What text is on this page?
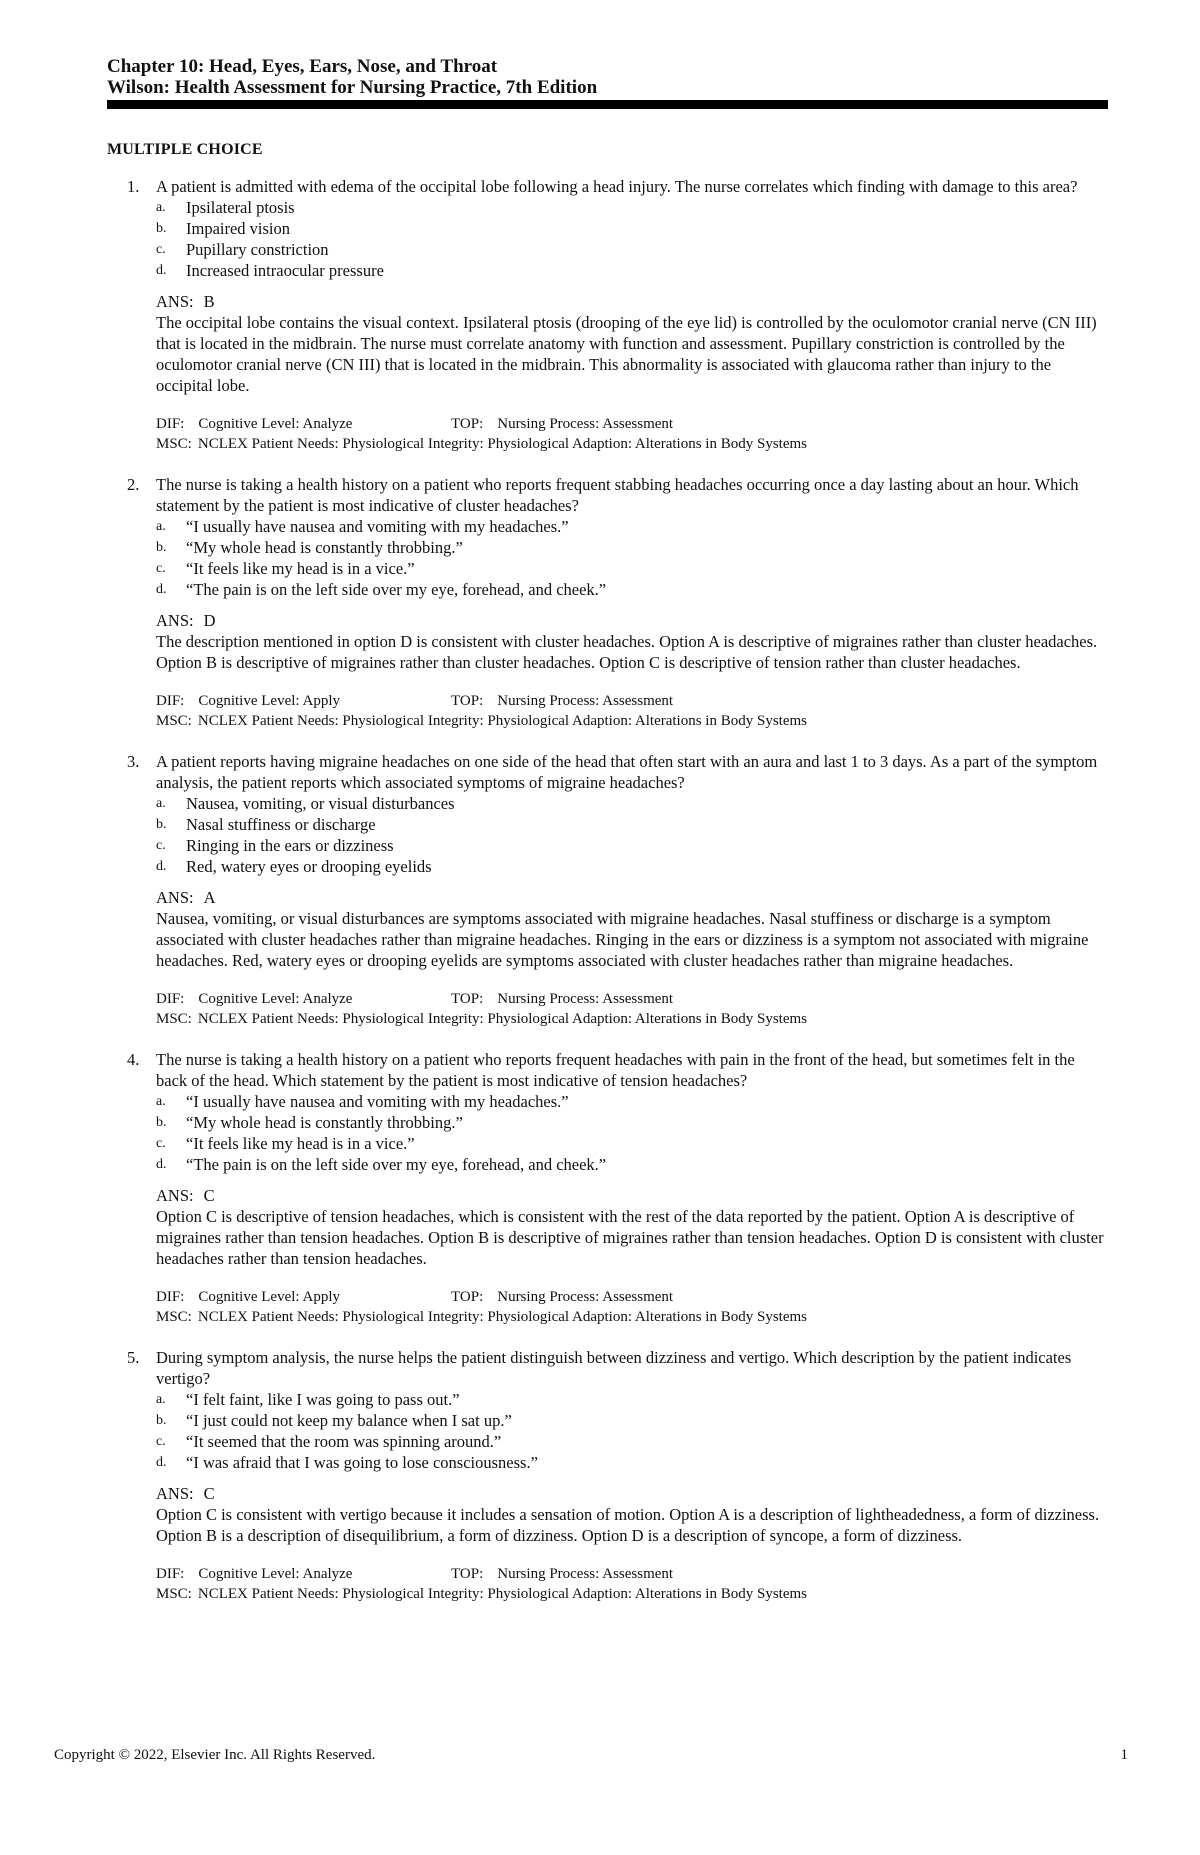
Chapter 10: Head, Eyes, Ears, Nose, and Throat

Wilson: Health Assessment for Nursing Practice, 7th Edition

MULTIPLE CHOICE
1. A patient is admitted with edema of the occipital lobe following a head injury. The nurse correlates which finding with damage to this area?

a. Ipsilateral ptosis
b. Impaired vision
c. Pupillary constriction
d. Increased intraocular pressure

ANS: B

The occipital lobe contains the visual context. Ipsilateral ptosis (drooping of the eye lid) is controlled by the oculomotor cranial nerve (CN III) that is located in the midbrain. The nurse must correlate anatomy with function and assessment. Pupillary constriction is controlled by the oculomotor cranial nerve (CN III) that is located in the midbrain. This abnormality is associated with glaucoma rather than injury to the occipital lobe.

DIF: Cognitive Level: Analyze	TOP: Nursing Process: Assessment
MSC: NCLEX Patient Needs: Physiological Integrity: Physiological Adaption: Alterations in Body Systems
2. The nurse is taking a health history on a patient who reports frequent stabbing headaches occurring once a day lasting about an hour. Which statement by the patient is most indicative of cluster headaches?

a. “I usually have nausea and vomiting with my headaches.”
b. “My whole head is constantly throbbing.”
c. “It feels like my head is in a vice.”
d. “The pain is on the left side over my eye, forehead, and cheek.”

ANS: D

The description mentioned in option D is consistent with cluster headaches. Option A is descriptive of migraines rather than cluster headaches. Option B is descriptive of migraines rather than cluster headaches. Option C is descriptive of tension rather than cluster headaches.

DIF: Cognitive Level: Apply	TOP: Nursing Process: Assessment
MSC: NCLEX Patient Needs: Physiological Integrity: Physiological Adaption: Alterations in Body Systems
3. A patient reports having migraine headaches on one side of the head that often start with an aura and last 1 to 3 days. As a part of the symptom analysis, the patient reports which associated symptoms of migraine headaches?

a. Nausea, vomiting, or visual disturbances
b. Nasal stuffiness or discharge
c. Ringing in the ears or dizziness
d. Red, watery eyes or drooping eyelids

ANS: A

Nausea, vomiting, or visual disturbances are symptoms associated with migraine headaches. Nasal stuffiness or discharge is a symptom associated with cluster headaches rather than migraine headaches. Ringing in the ears or dizziness is a symptom not associated with migraine headaches. Red, watery eyes or drooping eyelids are symptoms associated with cluster headaches rather than migraine headaches.

DIF: Cognitive Level: Analyze	TOP: Nursing Process: Assessment
MSC: NCLEX Patient Needs: Physiological Integrity: Physiological Adaption: Alterations in Body Systems
4. The nurse is taking a health history on a patient who reports frequent headaches with pain in the front of the head, but sometimes felt in the back of the head. Which statement by the patient is most indicative of tension headaches?

a. “I usually have nausea and vomiting with my headaches.”
b. “My whole head is constantly throbbing.”
c. “It feels like my head is in a vice.”
d. “The pain is on the left side over my eye, forehead, and cheek.”

ANS: C

Option C is descriptive of tension headaches, which is consistent with the rest of the data reported by the patient. Option A is descriptive of migraines rather than tension headaches. Option B is descriptive of migraines rather than tension headaches. Option D is consistent with cluster headaches rather than tension headaches.

DIF: Cognitive Level: Apply	TOP: Nursing Process: Assessment
MSC: NCLEX Patient Needs: Physiological Integrity: Physiological Adaption: Alterations in Body Systems
5. During symptom analysis, the nurse helps the patient distinguish between dizziness and vertigo. Which description by the patient indicates vertigo?

a. “I felt faint, like I was going to pass out.”
b. “I just could not keep my balance when I sat up.”
c. “It seemed that the room was spinning around.”
d. “I was afraid that I was going to lose consciousness.”

ANS: C

Option C is consistent with vertigo because it includes a sensation of motion. Option A is a description of lightheadedness, a form of dizziness. Option B is a description of disequilibrium, a form of dizziness. Option D is a description of syncope, a form of dizziness.

DIF: Cognitive Level: Analyze	TOP: Nursing Process: Assessment
MSC: NCLEX Patient Needs: Physiological Integrity: Physiological Adaption: Alterations in Body Systems
Copyright © 2022, Elsevier Inc. All Rights Reserved.	1
